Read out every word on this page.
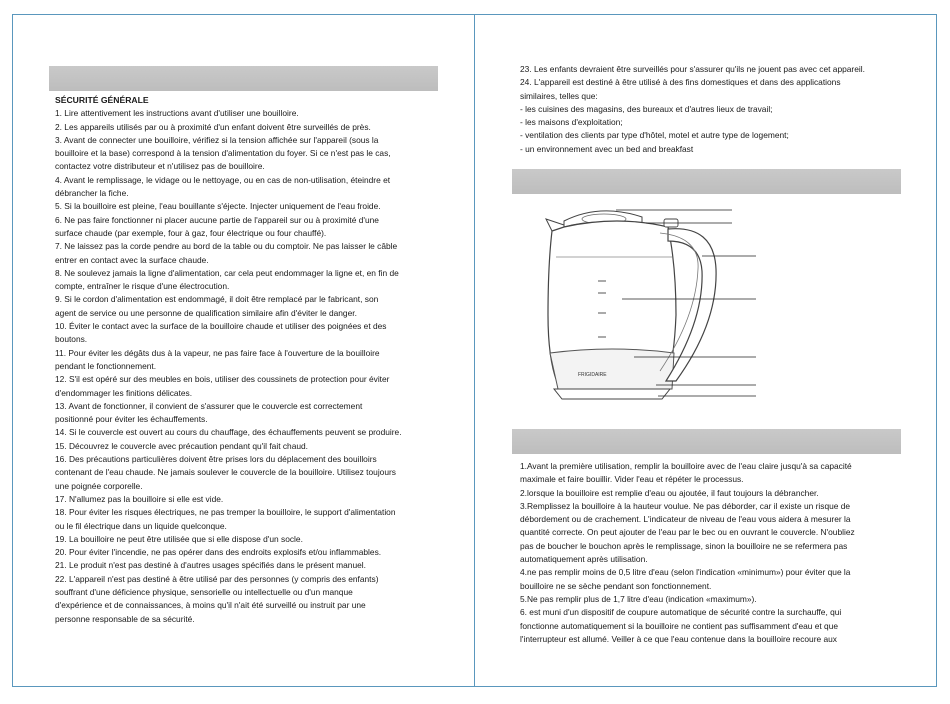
SÉCURITÉ GÉNÉRALE

1. Lire attentivement les instructions avant d'utiliser une bouilloire.

2. Les appareils utilisés par ou à proximité d'un enfant doivent être surveillés de près.

3. Avant de connecter une bouilloire, vérifiez si la tension affichée sur l'appareil (sous la

bouilloire et la base) correspond à la tension d'alimentation du foyer. Si ce n'est pas le cas,

contactez votre distributeur et n'utilisez pas de bouilloire.

4. Avant le remplissage, le vidage ou le nettoyage, ou en cas de non-utilisation, éteindre et

débrancher la fiche.

5. Si la bouilloire est pleine, l'eau bouillante s'éjecte. Injecter uniquement de l'eau froide.

6. Ne pas faire fonctionner ni placer aucune partie de l'appareil sur ou à proximité d'une

surface chaude (par exemple, four à gaz, four électrique ou four chauffé).

7. Ne laissez pas la corde pendre au bord de la table ou du comptoir. Ne pas laisser le câble

entrer en contact avec la surface chaude.

8. Ne soulevez jamais la ligne d'alimentation, car cela peut endommager la ligne et, en fin de

compte, entraîner le risque d'une électrocution.

9. Si le cordon d'alimentation est endommagé, il doit être remplacé par le fabricant, son

agent de service ou une personne de qualification similaire afin d'éviter le danger.

10. Éviter le contact avec la surface de la bouilloire chaude et utiliser des poignées et des

boutons.

11. Pour éviter les dégâts dus à la vapeur, ne pas faire face à l'ouverture de la bouilloire

pendant le fonctionnement.

12. S'il est opéré sur des meubles en bois, utiliser des coussinets de protection pour éviter

d'endommager les finitions délicates.

13. Avant de fonctionner, il convient de s'assurer que le couvercle est correctement

positionné pour éviter les échauffements.

14. Si le couvercle est ouvert au cours du chauffage, des échauffements peuvent se produire.

15. Découvrez le couvercle avec précaution pendant qu'il fait chaud.

16. Des précautions particulières doivent être prises lors du déplacement des bouilloirs

contenant de l'eau chaude. Ne jamais soulever le couvercle de la bouilloire. Utilisez toujours

une poignée corporelle.

17. N'allumez pas la bouilloire si elle est vide.

18. Pour éviter les risques électriques, ne pas tremper la bouilloire, le support d'alimentation

ou le fil électrique dans un liquide quelconque.

19. La bouilloire ne peut être utilisée que si elle dispose d'un socle.

20. Pour éviter l'incendie, ne pas opérer dans des endroits explosifs et/ou inflammables.

21. Le produit n'est pas destiné à d'autres usages spécifiés dans le présent manuel.

22. L'appareil n'est pas destiné à être utilisé par des personnes (y compris des enfants)

souffrant d'une déficience physique, sensorielle ou intellectuelle ou d'un manque

d'expérience et de connaissances, à moins qu'il n'ait été surveillé ou instruit par une

personne responsable de sa sécurité.

23. Les enfants devraient être surveillés pour s'assurer qu'ils ne jouent pas avec cet appareil.

24. L'appareil est destiné à être utilisé à des fins domestiques et dans des applications

similaires, telles que:

- les cuisines des magasins, des bureaux et d'autres lieux de travail;

- les maisons d'exploitation;

- ventilation des clients par type d'hôtel, motel et autre type de logement;

- un environnement avec un bed and breakfast

FRIGIDAIRE

1.Avant la première utilisation, remplir la bouilloire avec de l'eau claire jusqu'à sa capacité

maximale et faire bouillir. Vider l'eau et répéter le processus.

2.lorsque la bouilloire est remplie d'eau ou ajoutée, il faut toujours la débrancher.

3.Remplissez la bouilloire à la hauteur voulue. Ne pas déborder, car il existe un risque de

débordement ou de crachement. L'indicateur de niveau de l'eau vous aidera à mesurer la

quantité correcte. On peut ajouter de l'eau par le bec ou en ouvrant le couvercle. N'oubliez

pas de boucher le bouchon après le remplissage, sinon la bouilloire ne se refermera pas

automatiquement après utilisation.

4.ne pas remplir moins de 0,5 litre d'eau (selon l'indication «minimum») pour éviter que la

bouilloire ne se sèche pendant son fonctionnement.

5.Ne pas remplir plus de 1,7 litre d'eau (indication «maximum»).

6. est muni d'un dispositif de coupure automatique de sécurité contre la surchauffe, qui

fonctionne automatiquement si la bouilloire ne contient pas suffisamment d'eau et que

l'interrupteur est allumé. Veiller à ce que l'eau contenue dans la bouilloire recoure aux
